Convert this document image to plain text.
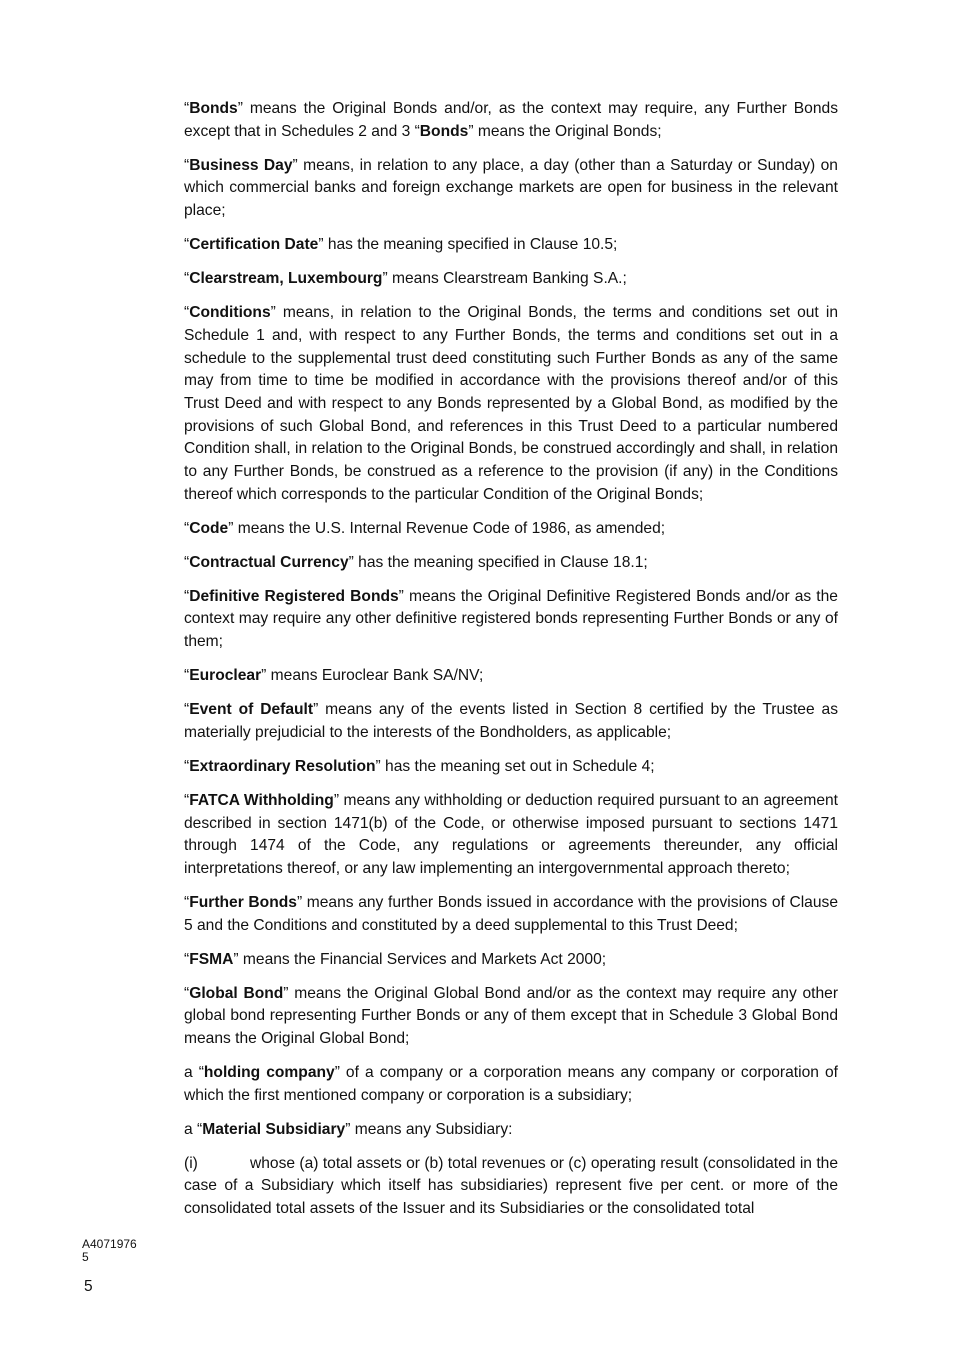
“Bonds” means the Original Bonds and/or, as the context may require, any Further Bonds except that in Schedules 2 and 3 “Bonds” means the Original Bonds;

“Business Day” means, in relation to any place, a day (other than a Saturday or Sunday) on which commercial banks and foreign exchange markets are open for business in the relevant place;

“Certification Date” has the meaning specified in Clause 10.5;

“Clearstream, Luxembourg” means Clearstream Banking S.A.;

“Conditions” means, in relation to the Original Bonds, the terms and conditions set out in Schedule 1 and, with respect to any Further Bonds, the terms and conditions set out in a schedule to the supplemental trust deed constituting such Further Bonds as any of the same may from time to time be modified in accordance with the provisions thereof and/or of this Trust Deed and with respect to any Bonds represented by a Global Bond, as modified by the provisions of such Global Bond, and references in this Trust Deed to a particular numbered Condition shall, in relation to the Original Bonds, be construed accordingly and shall, in relation to any Further Bonds, be construed as a reference to the provision (if any) in the Conditions thereof which corresponds to the particular Condition of the Original Bonds;

“Code” means the U.S. Internal Revenue Code of 1986, as amended;

“Contractual Currency” has the meaning specified in Clause 18.1;

“Definitive Registered Bonds” means the Original Definitive Registered Bonds and/or as the context may require any other definitive registered bonds representing Further Bonds or any of them;

“Euroclear” means Euroclear Bank SA/NV;

“Event of Default” means any of the events listed in Section 8 certified by the Trustee as materially prejudicial to the interests of the Bondholders, as applicable;

“Extraordinary Resolution” has the meaning set out in Schedule 4;

“FATCA Withholding” means any withholding or deduction required pursuant to an agreement described in section 1471(b) of the Code, or otherwise imposed pursuant to sections 1471 through 1474 of the Code, any regulations or agreements thereunder, any official interpretations thereof, or any law implementing an intergovernmental approach thereto;

“Further Bonds” means any further Bonds issued in accordance with the provisions of Clause 5 and the Conditions and constituted by a deed supplemental to this Trust Deed;

“FSMA” means the Financial Services and Markets Act 2000;

“Global Bond” means the Original Global Bond and/or as the context may require any other global bond representing Further Bonds or any of them except that in Schedule 3 Global Bond means the Original Global Bond;

a “holding company” of a company or a corporation means any company or corporation of which the first mentioned company or corporation is a subsidiary;

a “Material Subsidiary” means any Subsidiary:

(i)	whose (a) total assets or (b) total revenues or (c) operating result (consolidated in the case of a Subsidiary which itself has subsidiaries) represent five per cent. or more of the consolidated total assets of the Issuer and its Subsidiaries or the consolidated total

A4071976
5
5
